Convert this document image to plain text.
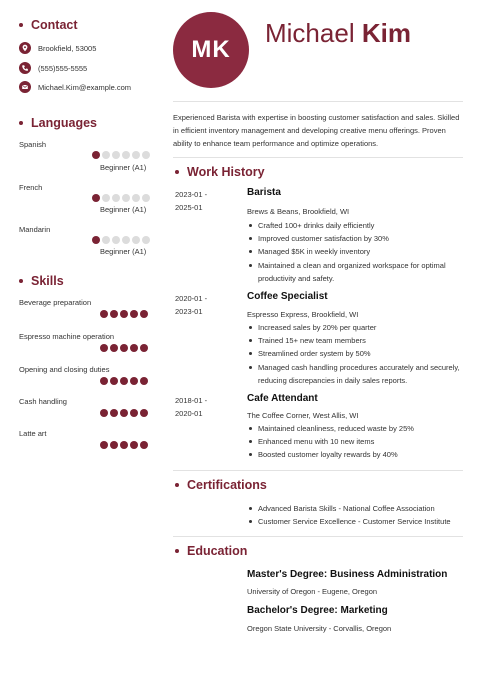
Contact
Brookfield, 53005
(555)555-5555
Michael.Kim@example.com
Languages
Spanish
Beginner (A1)
French
Beginner (A1)
Mandarin
Beginner (A1)
Skills
Beverage preparation
Espresso machine operation
Opening and closing duties
Cash handling
Latte art
MK
Michael Kim
Experienced Barista with expertise in boosting customer satisfaction and sales. Skilled in efficient inventory management and developing creative menu offerings. Proven ability to enhance team performance and optimize operations.
Work History
2023-01 -
2025-01
Barista
Brews & Beans, Brookfield, WI
Crafted 100+ drinks daily efficiently
Improved customer satisfaction by 30%
Managed $5K in weekly inventory
Maintained a clean and organized workspace for optimal productivity and safety.
2020-01 -
2023-01
Coffee Specialist
Espresso Express, Brookfield, WI
Increased sales by 20% per quarter
Trained 15+ new team members
Streamlined order system by 50%
Managed cash handling procedures accurately and securely, reducing discrepancies in daily sales reports.
2018-01 -
2020-01
Cafe Attendant
The Coffee Corner, West Allis, WI
Maintained cleanliness, reduced waste by 25%
Enhanced menu with 10 new items
Boosted customer loyalty rewards by 40%
Certifications
Advanced Barista Skills - National Coffee Association
Customer Service Excellence - Customer Service Institute
Education
Master's Degree: Business Administration
University of Oregon - Eugene, Oregon
Bachelor's Degree: Marketing
Oregon State University - Corvallis, Oregon
